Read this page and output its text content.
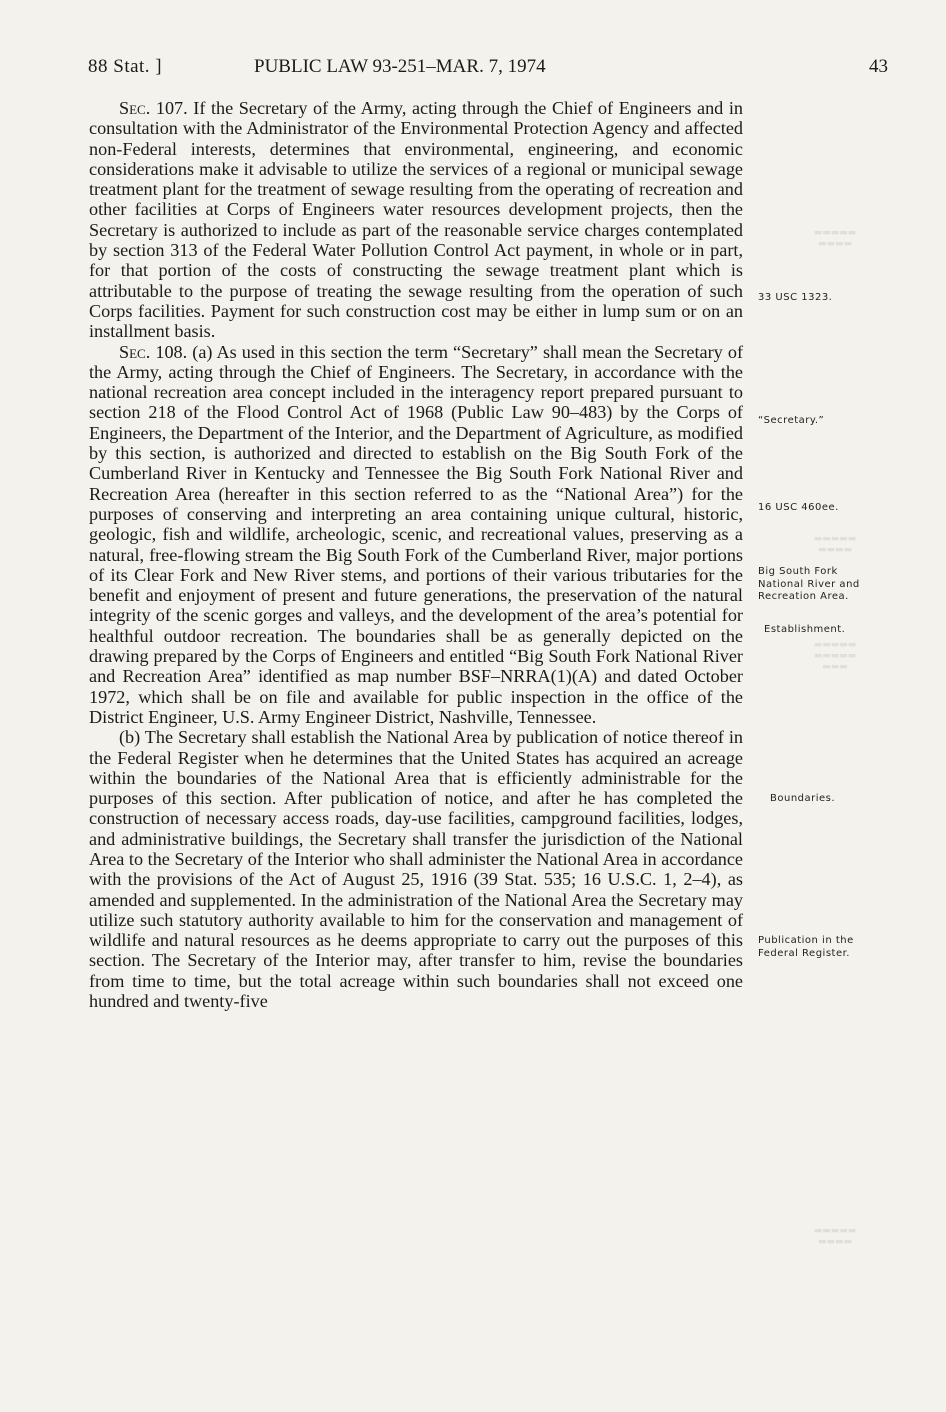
88 Stat. ]	PUBLIC LAW 93-251–MAR. 7, 1974	43

Sec. 107. If the Secretary of the Army, acting through the Chief of Engineers and in consultation with the Administrator of the Environmental Protection Agency and affected non-Federal interests, determines that environmental, engineering, and economic considerations make it advisable to utilize the services of a regional or municipal sewage treatment plant for the treatment of sewage resulting from the operating of recreation and other facilities at Corps of Engineers water resources development projects, then the Secretary is authorized to include as part of the reasonable service charges contemplated by section 313 of the Federal Water Pollution Control Act payment, in whole or in part, for that portion of the costs of constructing the sewage treatment plant which is attributable to the purpose of treating the sewage resulting from the operation of such Corps facilities. Payment for such construction cost may be either in lump sum or on an installment basis.

Sec. 108. (a) As used in this section the term “Secretary” shall mean the Secretary of the Army, acting through the Chief of Engineers. The Secretary, in accordance with the national recreation area concept included in the interagency report prepared pursuant to section 218 of the Flood Control Act of 1968 (Public Law 90–483) by the Corps of Engineers, the Department of the Interior, and the Department of Agriculture, as modified by this section, is authorized and directed to establish on the Big South Fork of the Cumberland River in Kentucky and Tennessee the Big South Fork National River and Recreation Area (hereafter in this section referred to as the “National Area”) for the purposes of conserving and interpreting an area containing unique cultural, historic, geologic, fish and wildlife, archeologic, scenic, and recreational values, preserving as a natural, free-flowing stream the Big South Fork of the Cumberland River, major portions of its Clear Fork and New River stems, and portions of their various tributaries for the benefit and enjoyment of present and future generations, the preservation of the natural integrity of the scenic gorges and valleys, and the development of the area’s potential for healthful outdoor recreation. The boundaries shall be as generally depicted on the drawing prepared by the Corps of Engineers and entitled “Big South Fork National River and Recreation Area” identified as map number BSF–NRRA(1)(A) and dated October 1972, which shall be on file and available for public inspection in the office of the District Engineer, U.S. Army Engineer District, Nashville, Tennessee.

(b) The Secretary shall establish the National Area by publication of notice thereof in the Federal Register when he determines that the United States has acquired an acreage within the boundaries of the National Area that is efficiently administrable for the purposes of this section. After publication of notice, and after he has completed the construction of necessary access roads, day-use facilities, campground facilities, lodges, and administrative buildings, the Secretary shall transfer the jurisdiction of the National Area to the Secretary of the Interior who shall administer the National Area in accordance with the provisions of the Act of August 25, 1916 (39 Stat. 535; 16 U.S.C. 1, 2–4), as amended and supplemented. In the administration of the National Area the Secretary may utilize such statutory authority available to him for the conservation and management of wildlife and natural resources as he deems appropriate to carry out the purposes of this section. The Secretary of the Interior may, after transfer to him, revise the boundaries from time to time, but the total acreage within such boundaries shall not exceed one hundred and twenty-five

33 USC 1323.
“Secretary.”
16 USC 460ee.
Big South Fork National River and Recreation Area.
Establishment.
Boundaries.
Publication in the Federal Register.
▬▬▬▬▬
▬▬▬▬
▬▬▬▬▬
▬▬▬▬
▬▬▬▬▬
▬▬▬▬▬
▬▬▬
▬▬▬▬▬
▬▬▬▬
